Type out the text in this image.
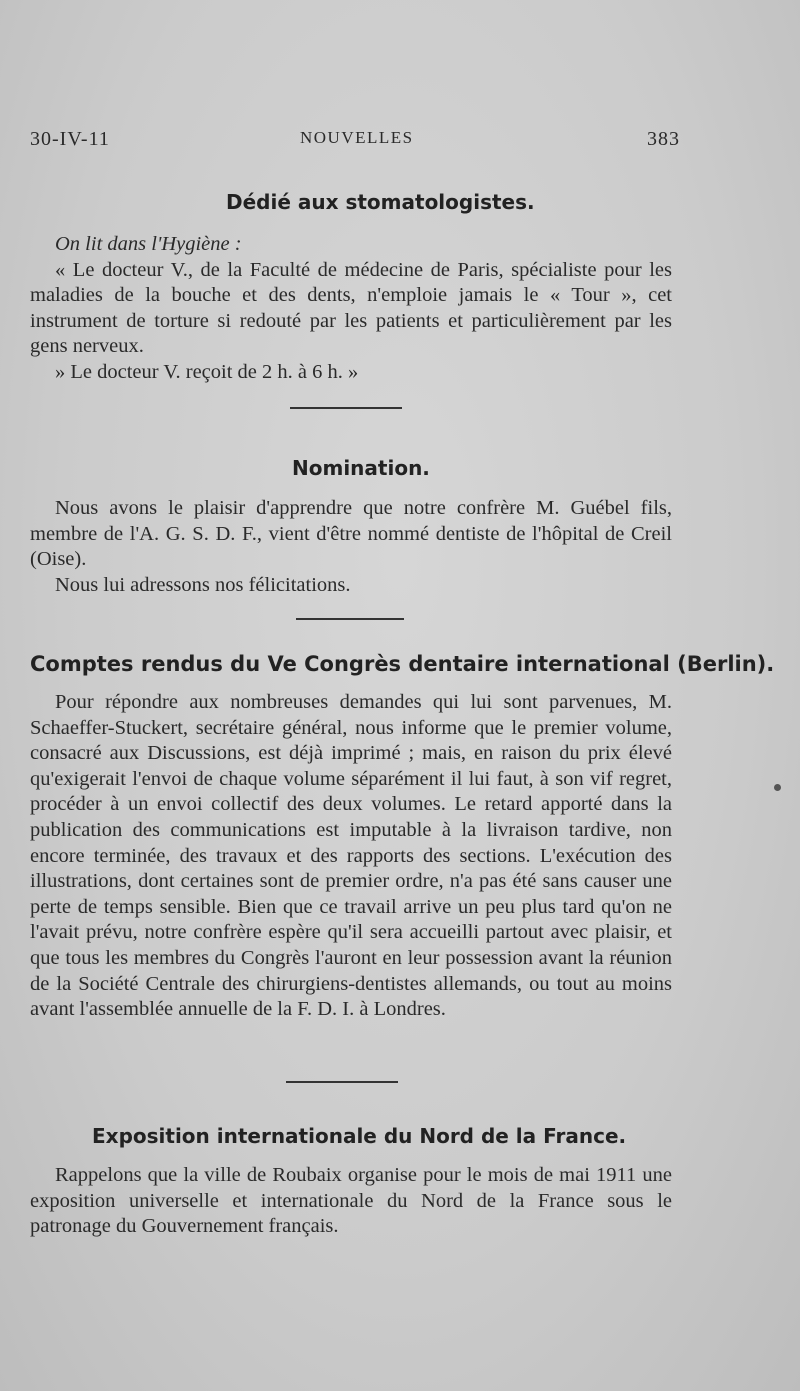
30-IV-11	NOUVELLES	383
Dédié aux stomatologistes.

On lit dans l'Hygiène :

« Le docteur V., de la Faculté de médecine de Paris, spécialiste pour les maladies de la bouche et des dents, n'emploie jamais le « Tour », cet instrument de torture si redouté par les patients et particulièrement par les gens nerveux.

» Le docteur V. reçoit de 2 h. à 6 h. »

Nomination.

Nous avons le plaisir d'apprendre que notre confrère M. Guébel fils, membre de l'A. G. S. D. F., vient d'être nommé dentiste de l'hôpital de Creil (Oise).

Nous lui adressons nos félicitations.

Comptes rendus du Ve Congrès dentaire international (Berlin).

Pour répondre aux nombreuses demandes qui lui sont parvenues, M. Schaeffer-Stuckert, secrétaire général, nous informe que le premier volume, consacré aux Discussions, est déjà imprimé ; mais, en raison du prix élevé qu'exigerait l'envoi de chaque volume séparément il lui faut, à son vif regret, procéder à un envoi collectif des deux volumes. Le retard apporté dans la publication des communications est imputable à la livraison tardive, non encore terminée, des travaux et des rapports des sections. L'exécution des illustrations, dont certaines sont de premier ordre, n'a pas été sans causer une perte de temps sensible. Bien que ce travail arrive un peu plus tard qu'on ne l'avait prévu, notre confrère espère qu'il sera accueilli partout avec plaisir, et que tous les membres du Congrès l'auront en leur possession avant la réunion de la Société Centrale des chirurgiens-dentistes allemands, ou tout au moins avant l'assemblée annuelle de la F. D. I. à Londres.

Exposition internationale du Nord de la France.

Rappelons que la ville de Roubaix organise pour le mois de mai 1911 une exposition universelle et internationale du Nord de la France sous le patronage du Gouvernement français.
